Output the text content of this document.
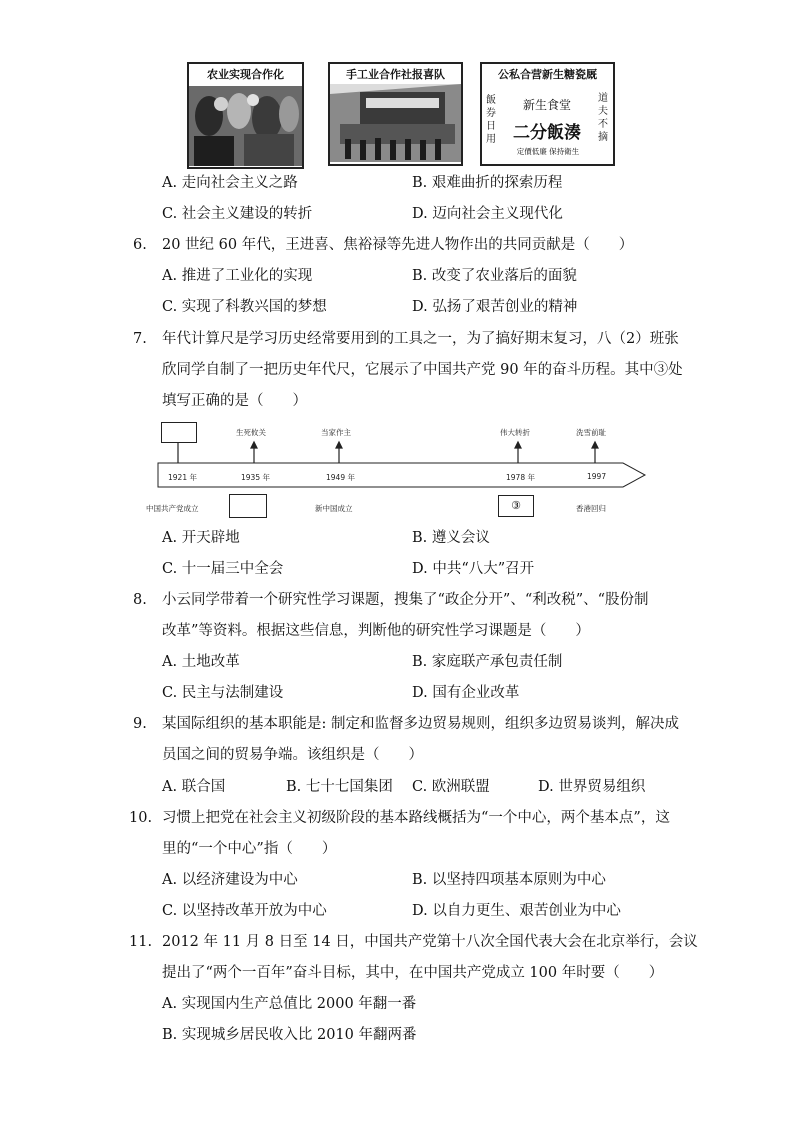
农业实现合作化	手工业合作社报喜队	公私合营新生糖瓷厩
飯券日用
新生食堂
二分飯湊
道夫不摘
定價低廉 保持衛生
A. 走向社会主义之路	B. 艰难曲折的探索历程
C. 社会主义建设的转折	D. 迈向社会主义现代化
6. 20 世纪 60 年代，王进喜、焦裕禄等先进人物作出的共同贡献是（　　）
A. 推进了工业化的实现	B. 改变了农业落后的面貌
C. 实现了科教兴国的梦想	D. 弘扬了艰苦创业的精神
7. 年代计算尺是学习历史经常要用到的工具之一，为了搞好期末复习，八（2）班张
欣同学自制了一把历史年代尺，它展示了中国共产党 90 年的奋斗历程。其中③处
填写正确的是（　　）
生死攸关	当家作主	伟大转折	洗雪前耻
1921 年	1935 年	1949 年	1978 年	1997
中国共产党成立	新中国成立	③	香港回归
A. 开天辟地	B. 遵义会议
C. 十一届三中全会	D. 中共“八大”召开
8. 小云同学带着一个研究性学习课题，搜集了“政企分开”、“利改税”、“股份制
改革”等资料。根据这些信息，判断他的研究性学习课题是（　　）
A. 土地改革	B. 家庭联产承包责任制
C. 民主与法制建设	D. 国有企业改革
9. 某国际组织的基本职能是: 制定和监督多边贸易规则，组织多边贸易谈判，解决成
员国之间的贸易争端。该组织是（　　）
A. 联合国	B. 七十七国集团 C. 欧洲联盟	D. 世界贸易组织
10. 习惯上把党在社会主义初级阶段的基本路线概括为“一个中心，两个基本点”，这
里的“一个中心”指（　　）
A. 以经济建设为中心	B. 以坚持四项基本原则为中心
C. 以坚持改革开放为中心	D. 以自力更生、艰苦创业为中心
11. 2012 年 11 月 8 日至 14 日，中国共产党第十八次全国代表大会在北京举行，会议
提出了“两个一百年”奋斗目标，其中，在中国共产党成立 100 年时要（　　）
A. 实现国内生产总值比 2000 年翻一番
B. 实现城乡居民收入比 2010 年翻两番
